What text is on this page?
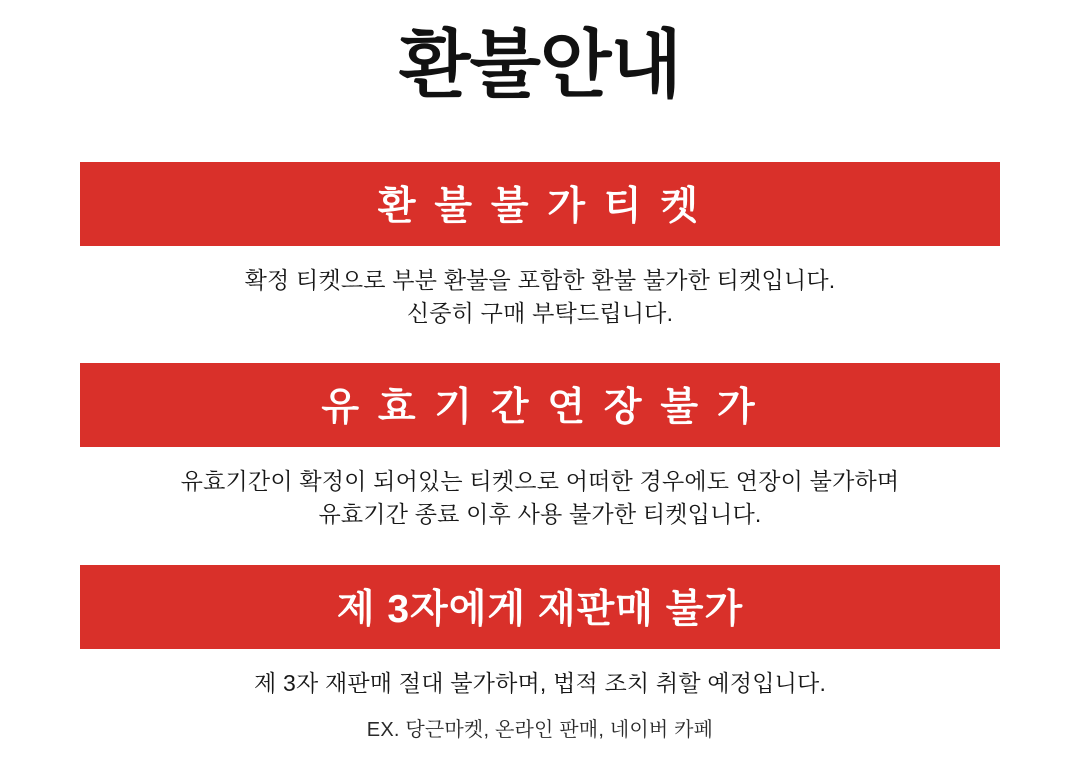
환불안내
환 불 불 가 티 켓
확정 티켓으로 부분 환불을 포함한 환불 불가한 티켓입니다.
신중히 구매 부탁드립니다.
유 효 기 간 연 장 불 가
유효기간이 확정이 되어있는 티켓으로 어떠한 경우에도 연장이 불가하며
유효기간 종료 이후 사용 불가한 티켓입니다.
제 3자에게 재판매 불가
제 3자 재판매 절대 불가하며, 법적 조치 취할 예정입니다.
EX. 당근마켓, 온라인 판매, 네이버 카페
